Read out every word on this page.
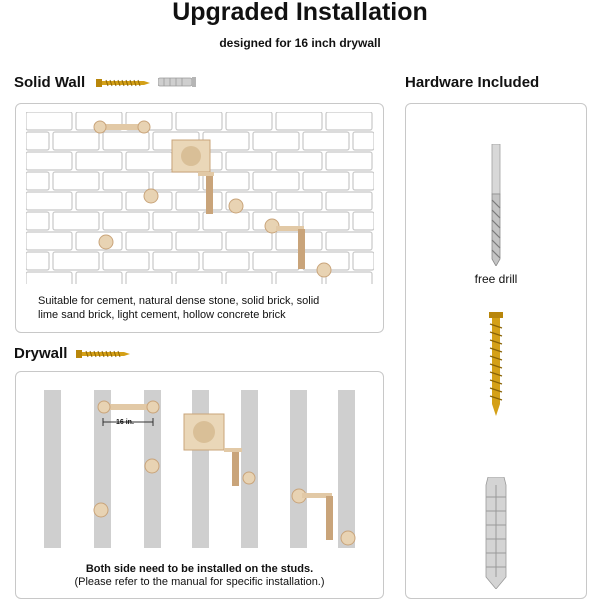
Upgraded Installation
designed for 16 inch drywall
Solid Wall
Suitable for cement, natural dense stone, solid brick, solid
lime sand brick, light cement, hollow concrete brick
Drywall
16 in.
Both side need to be installed on the studs.
(Please refer to the manual for specific installation.)
Hardware Included
free drill
